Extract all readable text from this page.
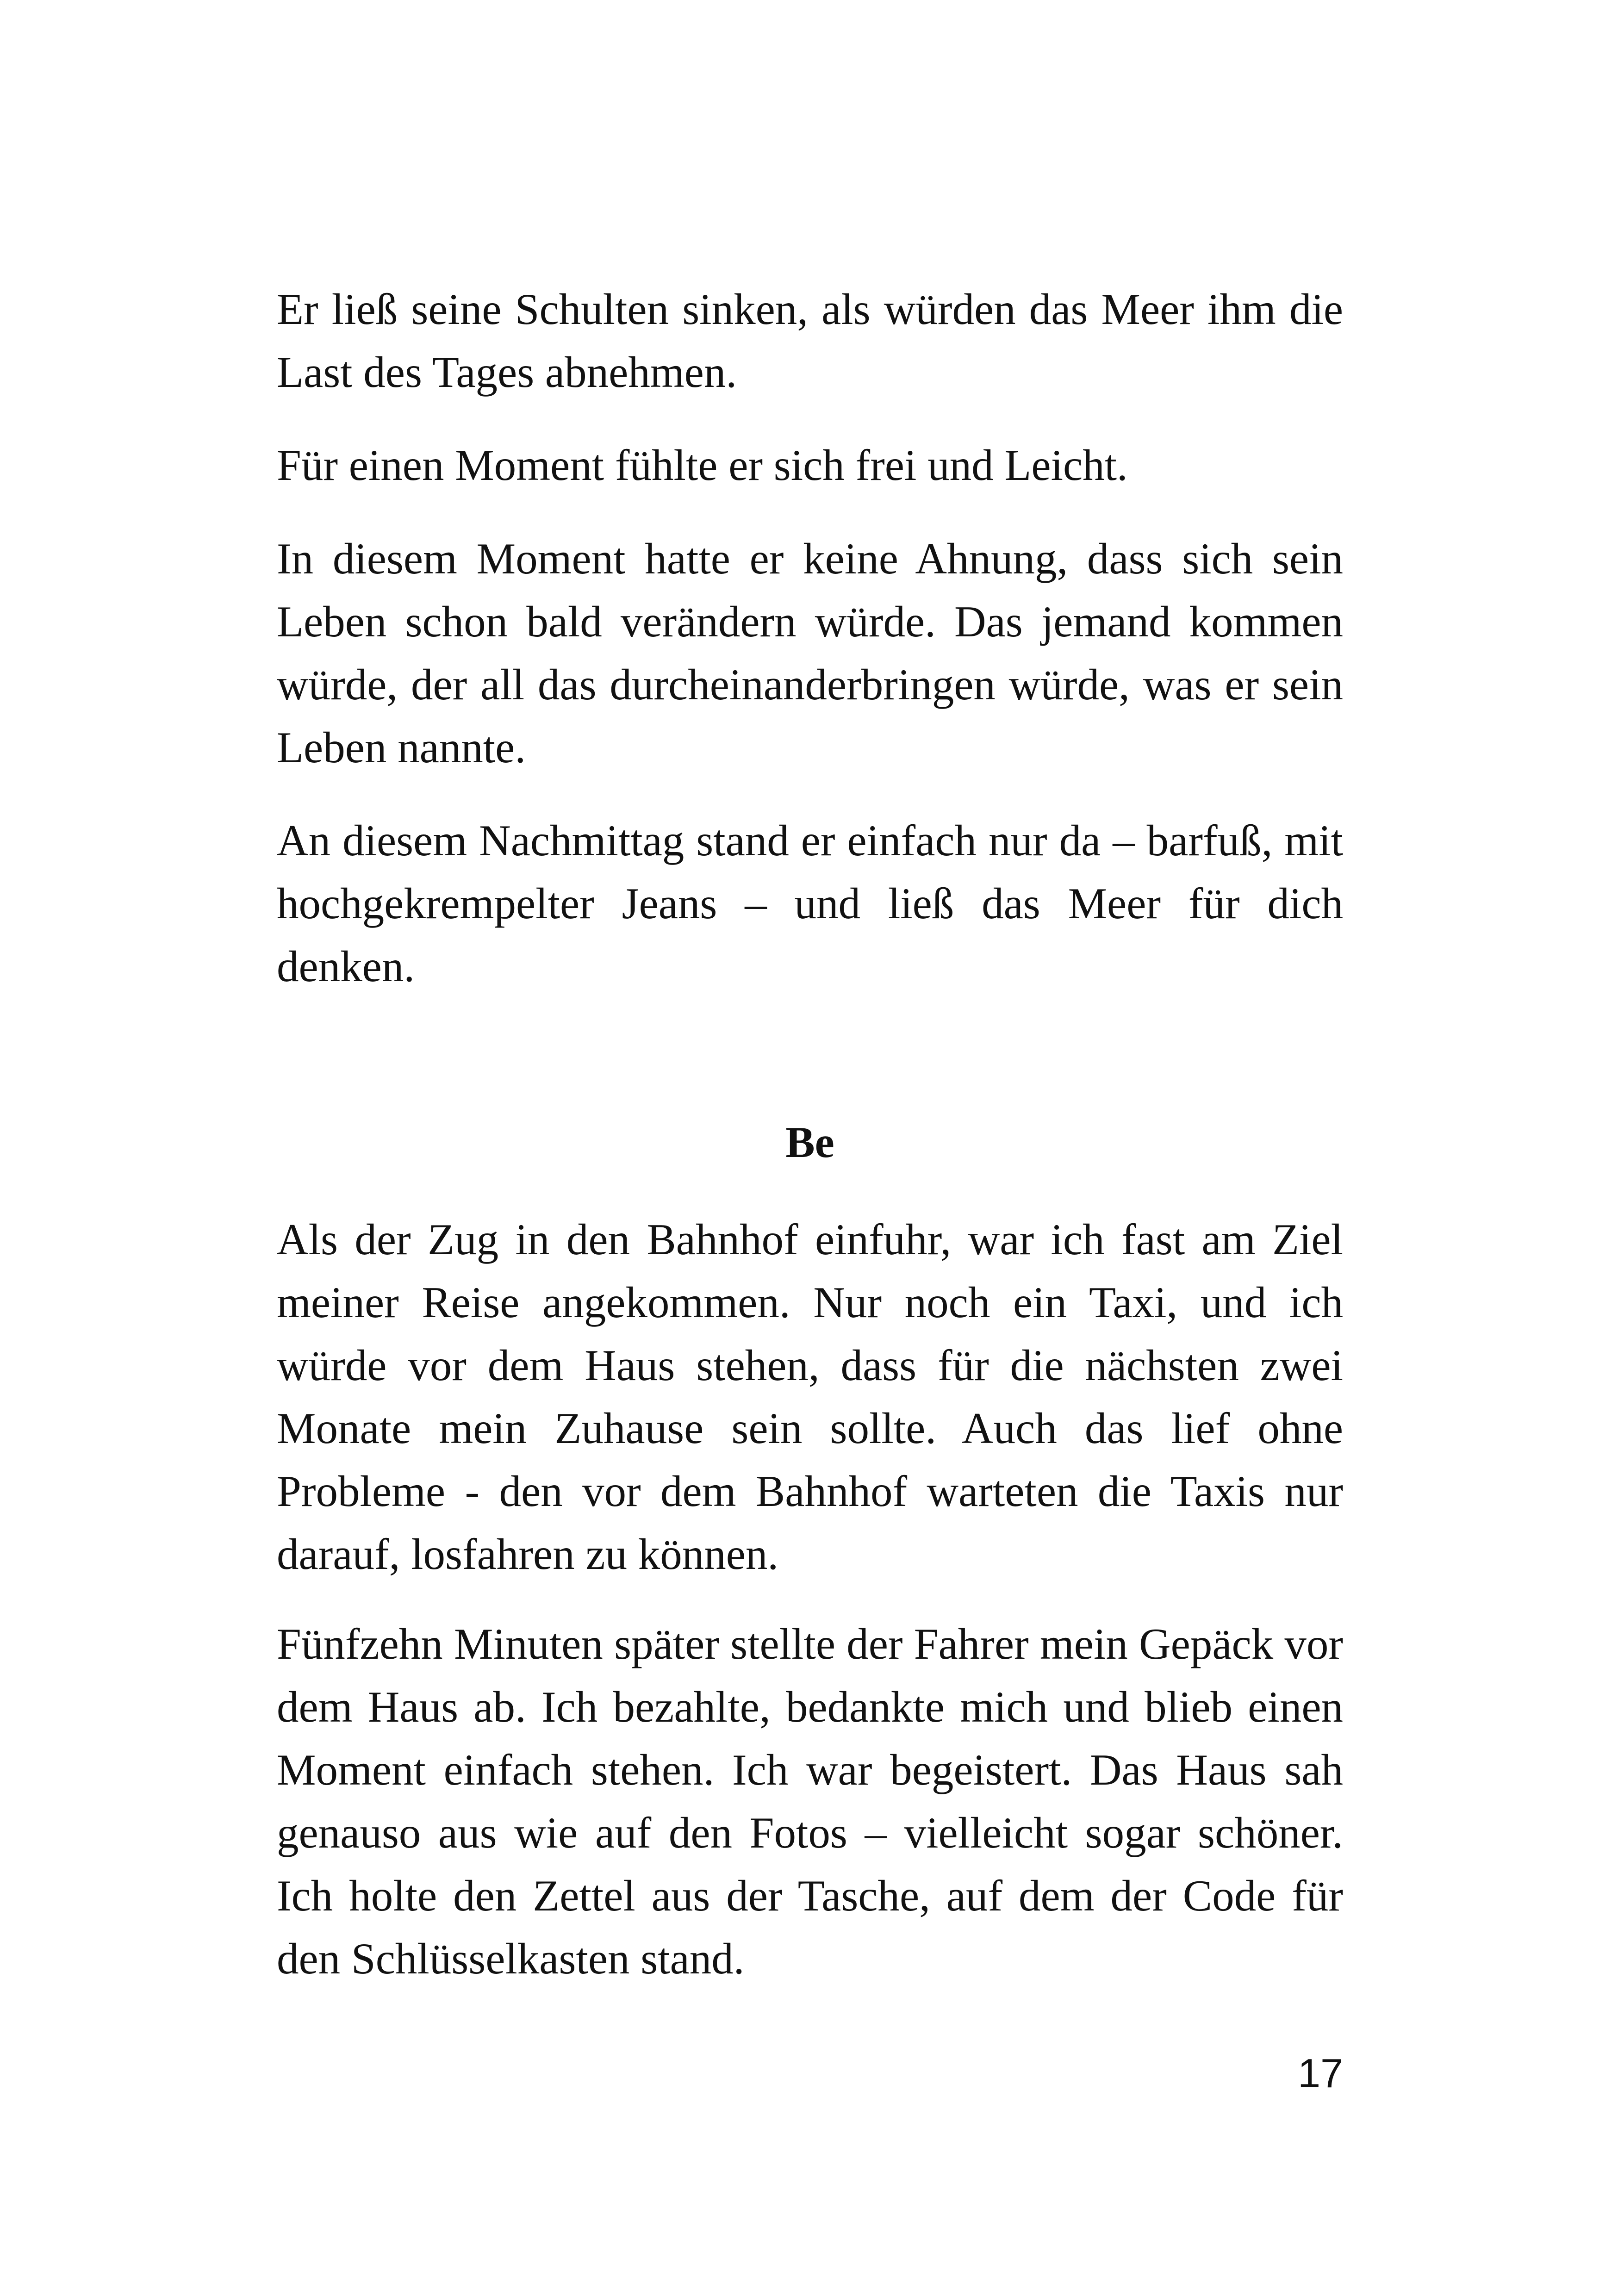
Er ließ seine Schulten sinken, als würden das Meer ihm die Last des Tages abnehmen.

Für einen Moment fühlte er sich frei und Leicht.

In diesem Moment hatte er keine Ahnung, dass sich sein Leben schon bald verändern würde. Das jemand kommen würde, der all das durcheinanderbringen würde, was er sein Leben nannte.

An diesem Nachmittag stand er einfach nur da – barfuß, mit hochgekrempelter Jeans – und ließ das Meer für dich denken.

Be

Als der Zug in den Bahnhof einfuhr, war ich fast am Ziel meiner Reise angekommen. Nur noch ein Taxi, und ich würde vor dem Haus stehen, dass für die nächsten zwei Monate mein Zuhause sein sollte. Auch das lief ohne Probleme - den vor dem Bahnhof warteten die Taxis nur darauf, losfahren zu können.

Fünfzehn Minuten später stellte der Fahrer mein Gepäck vor dem Haus ab. Ich bezahlte, bedankte mich und blieb einen Moment einfach stehen. Ich war begeistert. Das Haus sah genauso aus wie auf den Fotos – vielleicht sogar schöner. Ich holte den Zettel aus der Tasche, auf dem der Code für den Schlüsselkasten stand.

17
